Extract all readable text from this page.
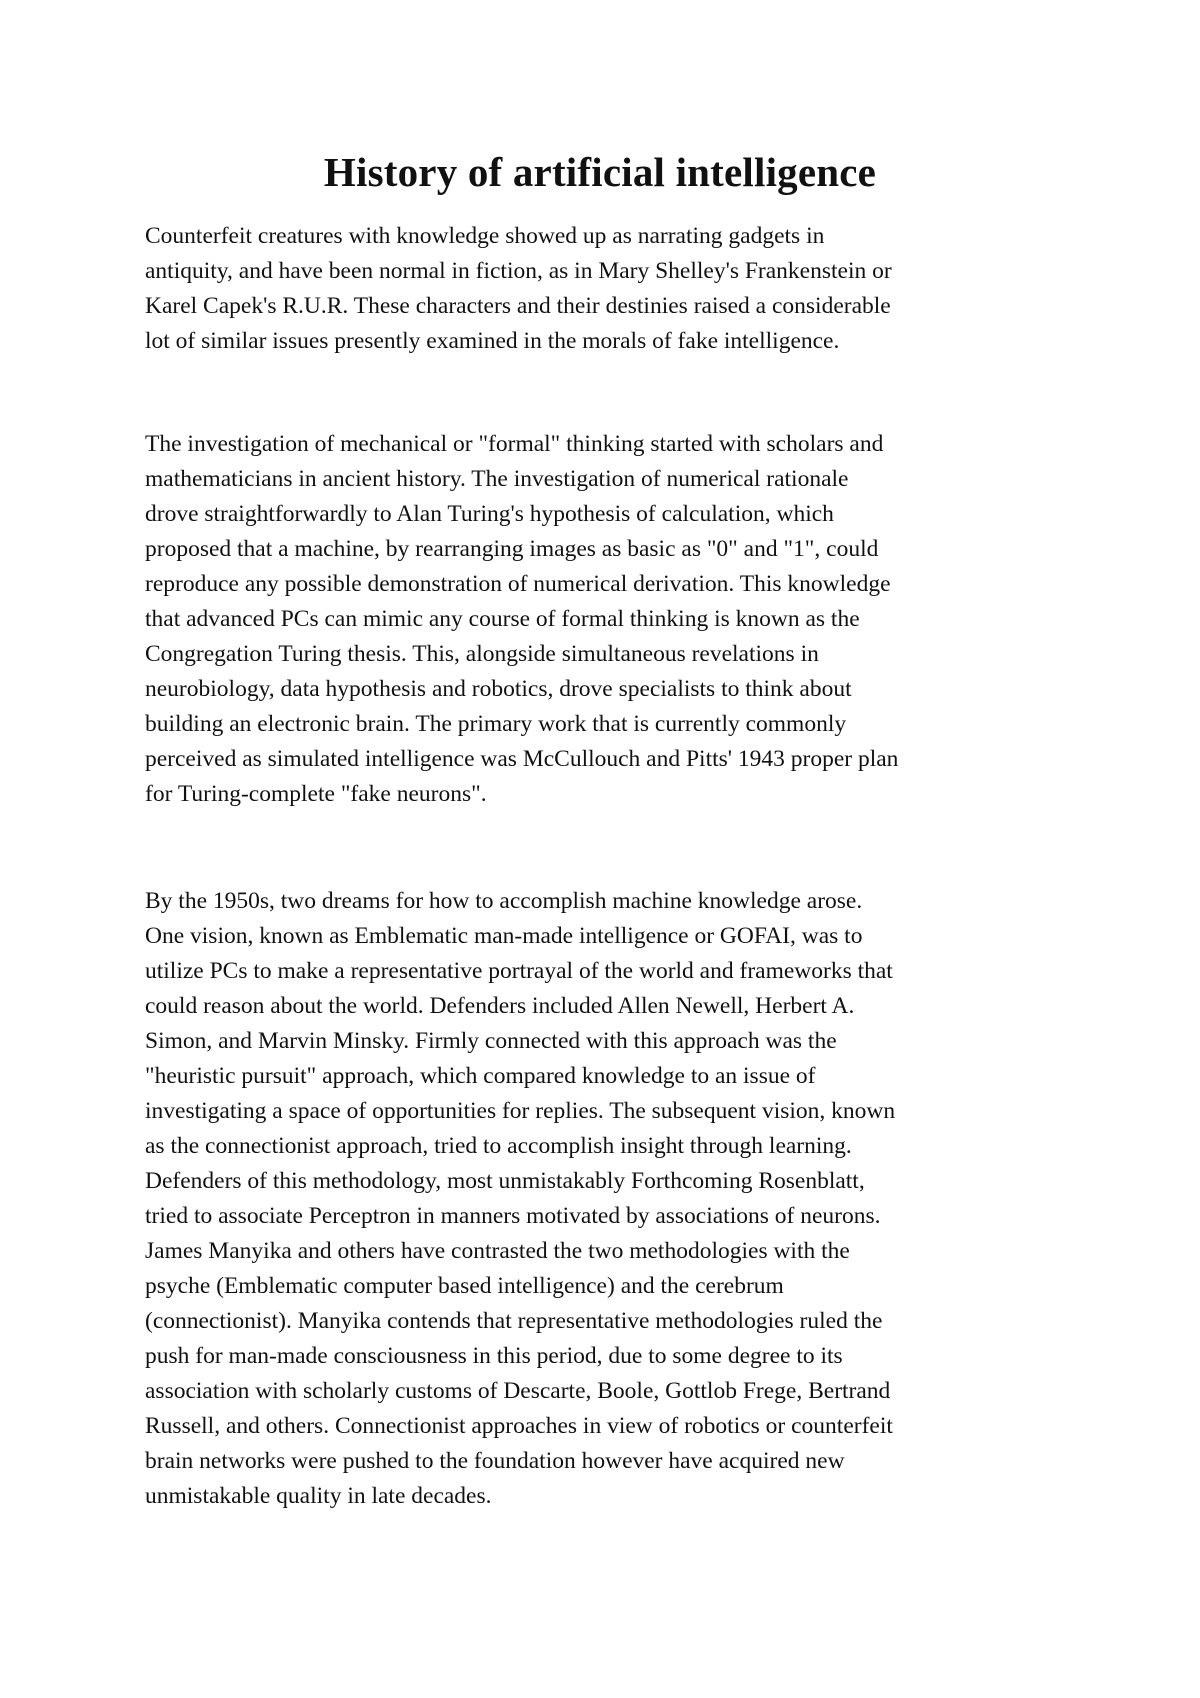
History of artificial intelligence

Counterfeit creatures with knowledge showed up as narrating gadgets in
antiquity, and have been normal in fiction, as in Mary Shelley's Frankenstein or
Karel Capek's R.U.R. These characters and their destinies raised a considerable
lot of similar issues presently examined in the morals of fake intelligence.

The investigation of mechanical or "formal" thinking started with scholars and
mathematicians in ancient history. The investigation of numerical rationale
drove straightforwardly to Alan Turing's hypothesis of calculation, which
proposed that a machine, by rearranging images as basic as "0" and "1", could
reproduce any possible demonstration of numerical derivation. This knowledge
that advanced PCs can mimic any course of formal thinking is known as the
Congregation Turing thesis. This, alongside simultaneous revelations in
neurobiology, data hypothesis and robotics, drove specialists to think about
building an electronic brain. The primary work that is currently commonly
perceived as simulated intelligence was McCullouch and Pitts' 1943 proper plan
for Turing-complete "fake neurons".

By the 1950s, two dreams for how to accomplish machine knowledge arose.
One vision, known as Emblematic man-made intelligence or GOFAI, was to
utilize PCs to make a representative portrayal of the world and frameworks that
could reason about the world. Defenders included Allen Newell, Herbert A.
Simon, and Marvin Minsky. Firmly connected with this approach was the
"heuristic pursuit" approach, which compared knowledge to an issue of
investigating a space of opportunities for replies. The subsequent vision, known
as the connectionist approach, tried to accomplish insight through learning.
Defenders of this methodology, most unmistakably Forthcoming Rosenblatt,
tried to associate Perceptron in manners motivated by associations of neurons.
James Manyika and others have contrasted the two methodologies with the
psyche (Emblematic computer based intelligence) and the cerebrum
(connectionist). Manyika contends that representative methodologies ruled the
push for man-made consciousness in this period, due to some degree to its
association with scholarly customs of Descarte, Boole, Gottlob Frege, Bertrand
Russell, and others. Connectionist approaches in view of robotics or counterfeit
brain networks were pushed to the foundation however have acquired new
unmistakable quality in late decades.
